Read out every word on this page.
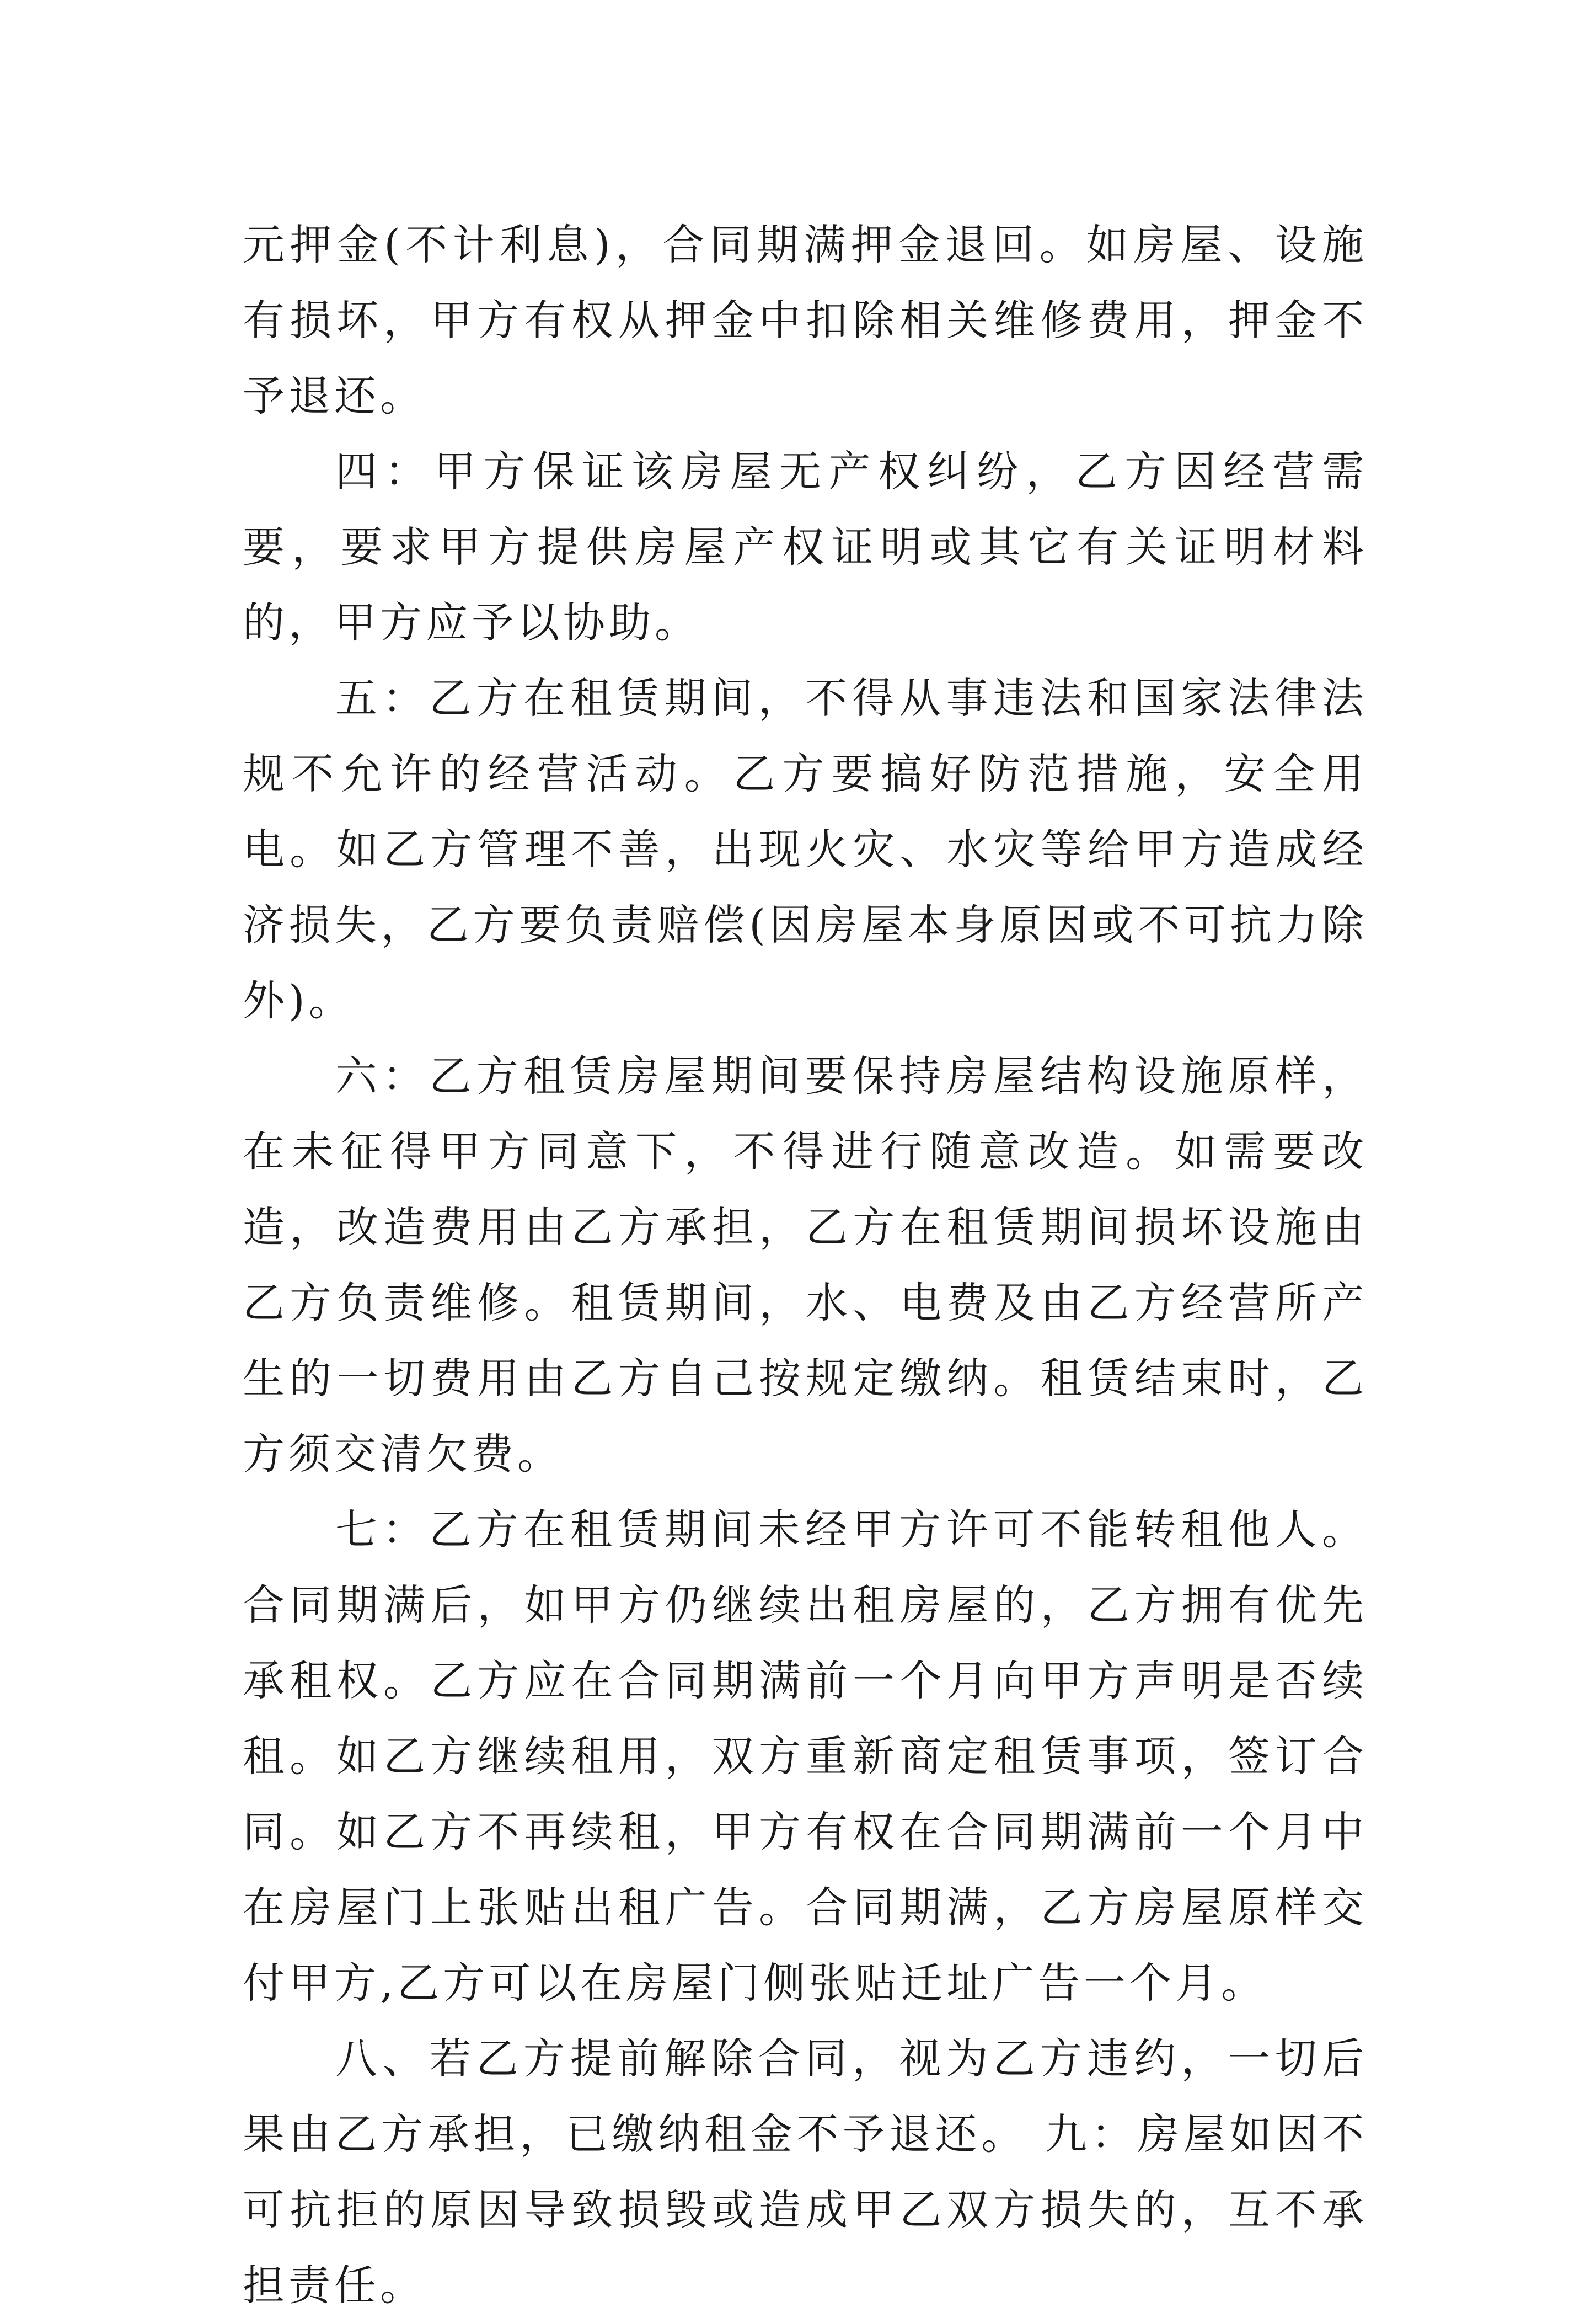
元押金(不计利息)，合同期满押金退回。如房屋、设施有损坏，甲方有权从押金中扣除相关维修费用，押金不予退还。

四：甲方保证该房屋无产权纠纷，乙方因经营需要，要求甲方提供房屋产权证明或其它有关证明材料的，甲方应予以协助。

五：乙方在租赁期间，不得从事违法和国家法律法规不允许的经营活动。乙方要搞好防范措施，安全用电。如乙方管理不善，出现火灾、水灾等给甲方造成经济损失，乙方要负责赔偿(因房屋本身原因或不可抗力除外)。

六：乙方租赁房屋期间要保持房屋结构设施原样，在未征得甲方同意下，不得进行随意改造。如需要改造，改造费用由乙方承担，乙方在租赁期间损坏设施由乙方负责维修。租赁期间，水、电费及由乙方经营所产生的一切费用由乙方自己按规定缴纳。租赁结束时，乙方须交清欠费。

七：乙方在租赁期间未经甲方许可不能转租他人。合同期满后，如甲方仍继续出租房屋的，乙方拥有优先承租权。乙方应在合同期满前一个月向甲方声明是否续租。如乙方继续租用，双方重新商定租赁事项，签订合同。如乙方不再续租，甲方有权在合同期满前一个月中在房屋门上张贴出租广告。合同期满，乙方房屋原样交付甲方,乙方可以在房屋门侧张贴迁址广告一个月。

八、若乙方提前解除合同，视为乙方违约，一切后果由乙方承担，已缴纳租金不予退还。 九：房屋如因不可抗拒的原因导致损毁或造成甲乙双方损失的，互不承担责任。
